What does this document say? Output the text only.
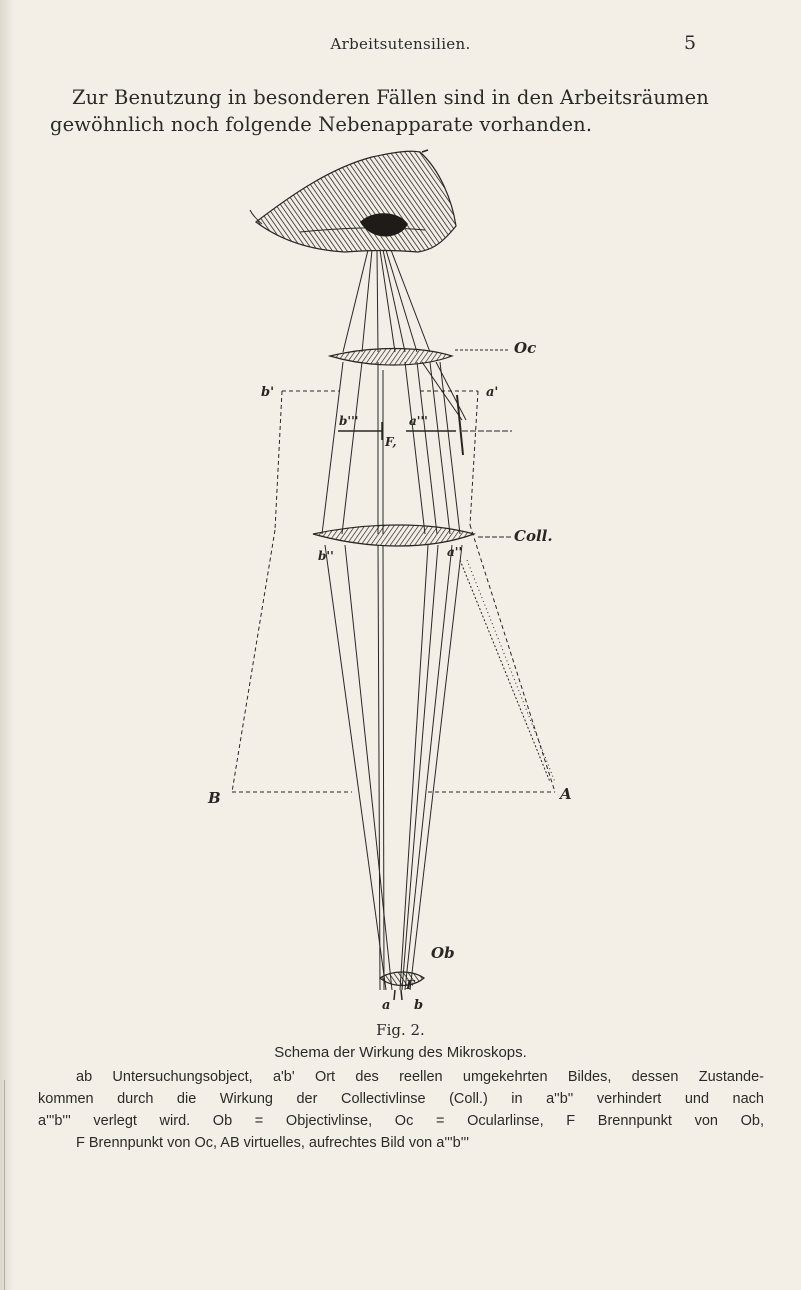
Arbeitsutensilien.	5
Zur Benutzung in besonderen Fällen sind in den Arbeitsräumen
gewöhnlich noch folgende Nebenapparate vorhanden.
Oc
Coll.
Ob
b'	a'
b'''	a'''
F,
b''	a''
B	A
F
a b
Fig. 2.
Schema der Wirkung des Mikroskops.
ab Untersuchungsobject, a'b' Ort des reellen umgekehrten Bildes, dessen Zustande-
kommen durch die Wirkung der Collectivlinse (Coll.) in a''b'' verhindert und nach
a'''b''' verlegt wird. Ob = Objectivlinse, Oc = Ocularlinse, F Brennpunkt von Ob,
F Brennpunkt von Oc, AB virtuelles, aufrechtes Bild von a'''b'''
